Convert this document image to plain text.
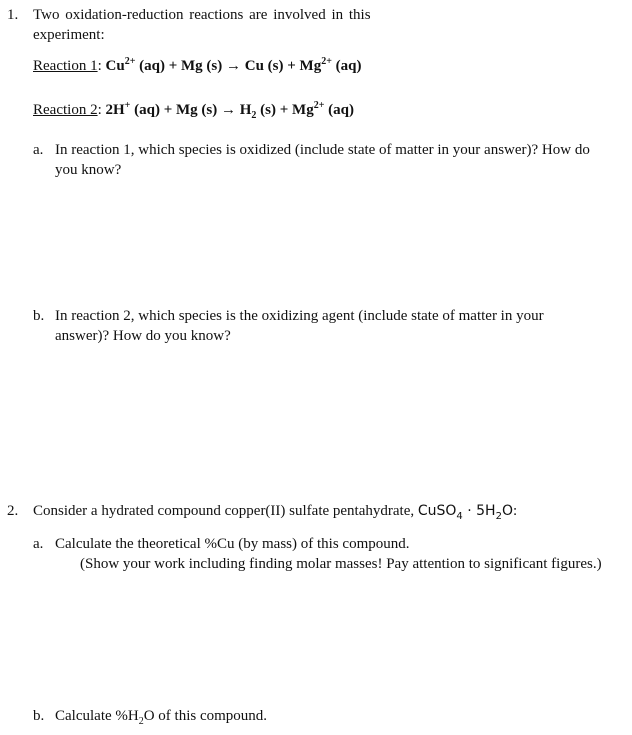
1. Two oxidation-reduction reactions are involved in this
experiment:
Reaction 1: $Cu^{2+}$ (aq) + Mg (s) → Cu $(s) + Mg^{2+}$ (aq)
Reaction 2: 2H+ (aq) + Mg $(s) \to H_2$ $(s) + Mg^{2+}$ (aq)
a. In reaction 1, which species is oxidized (include state of matter in your answer)? How do
you know?
b. In reaction 2, which species is the oxidizing agent (include state of matter in your
answer)? How do you know?
2. Consider a hydrated compound copper(II) sulfate pentahydrate, CuSO$_4$ · $5H_2O$:
a. Calculate the theoretical %Cu (by mass) of this compound.
(Show your work including finding molar masses! Pay attention to significant figures.)
b. Calculate $\%H_2O$ of this compound.
